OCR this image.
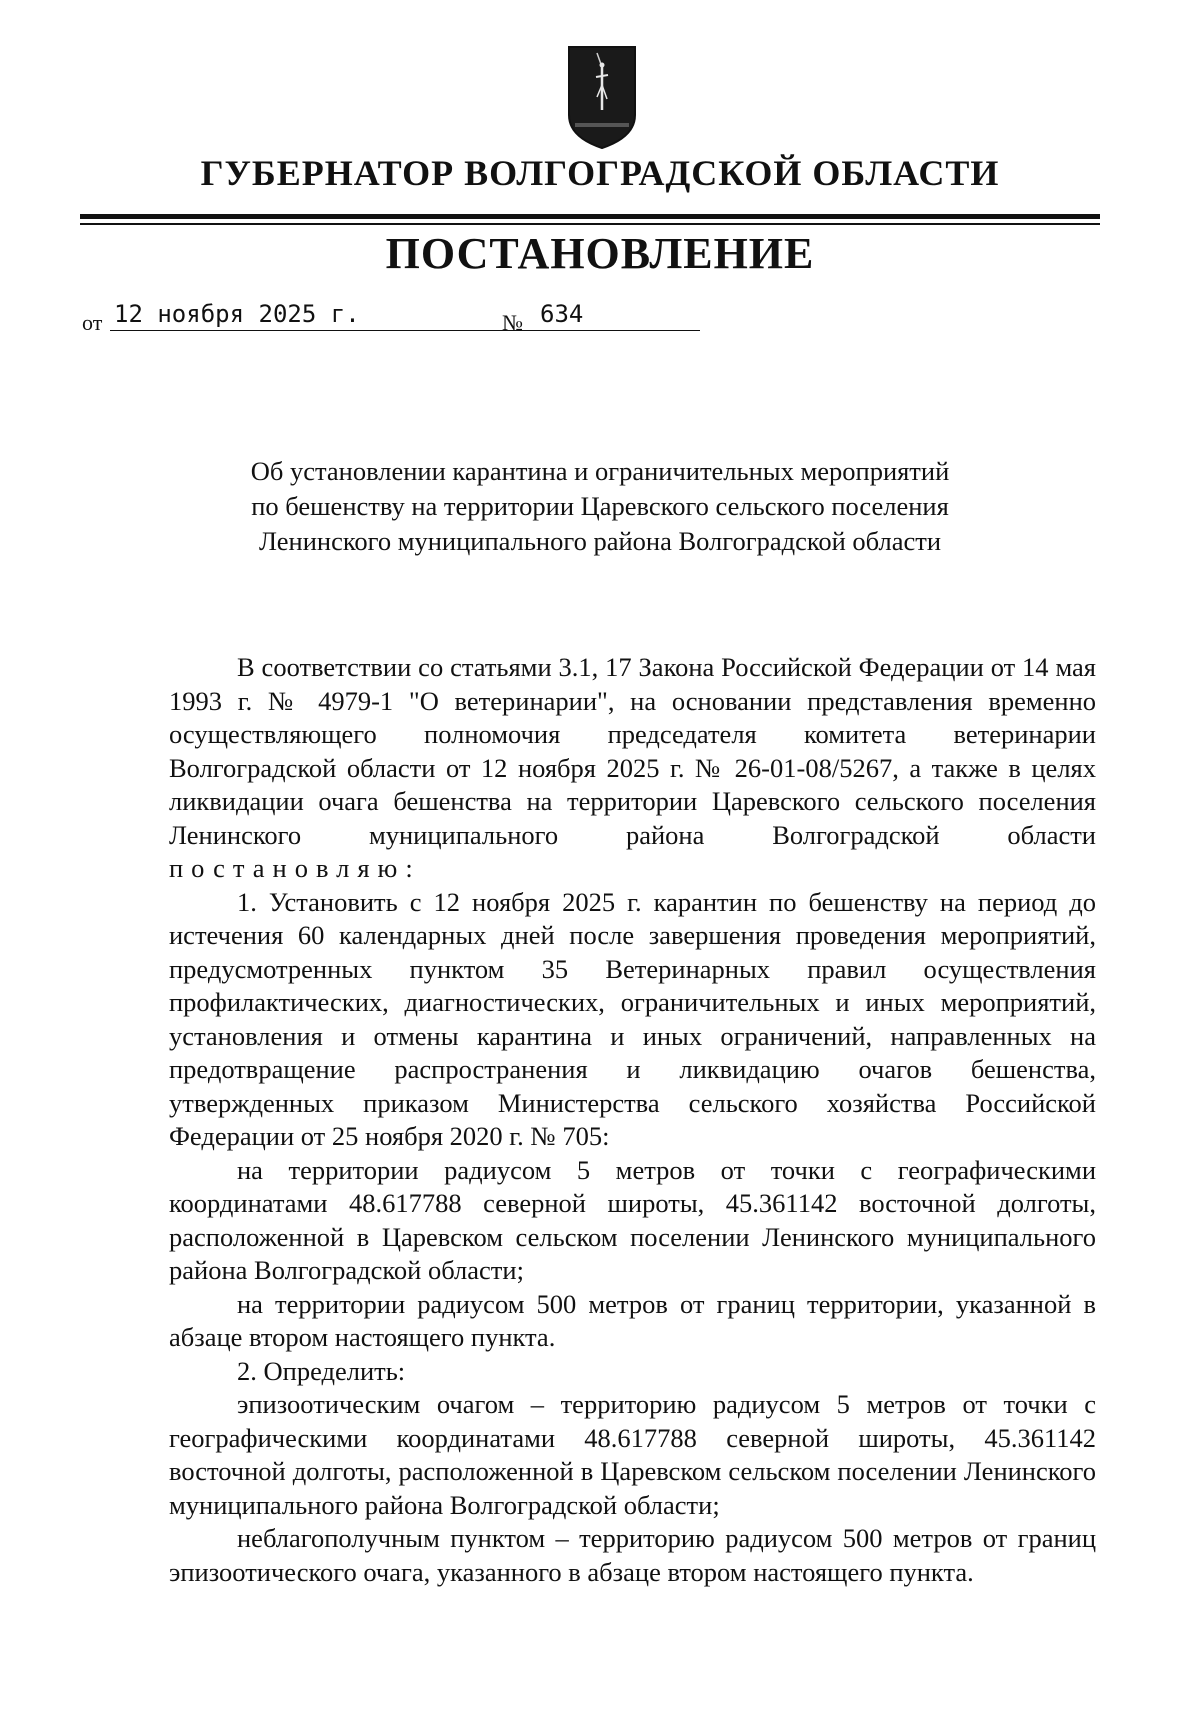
ГУБЕРНАТОР ВОЛГОГРАДСКОЙ ОБЛАСТИ
ПОСТАНОВЛЕНИЕ
от 12 ноября 2025 г.	№ 634
Об установлении карантина и ограничительных мероприятий
по бешенству на территории Царевского сельского поселения
Ленинского муниципального района Волгоградской области

В соответствии со статьями 3.1, 17 Закона Российской Федерации от 14 мая 1993 г. № 4979-1 "О ветеринарии", на основании представления временно осуществляющего полномочия председателя комитета ветеринарии Волгоградской области от 12 ноября 2025 г. № 26-01-08/5267, а также в целях ликвидации очага бешенства на территории Царевского сельского поселения Ленинского муниципального района Волгоградской области постановляю:

1. Установить с 12 ноября 2025 г. карантин по бешенству на период до истечения 60 календарных дней после завершения проведения мероприятий, предусмотренных пунктом 35 Ветеринарных правил осуществления профилактических, диагностических, ограничительных и иных мероприятий, установления и отмены карантина и иных ограничений, направленных на предотвращение распространения и ликвидацию очагов бешенства, утвержденных приказом Министерства сельского хозяйства Российской Федерации от 25 ноября 2020 г. № 705:

на территории радиусом 5 метров от точки с географическими координатами 48.617788 северной широты, 45.361142 восточной долготы, расположенной в Царевском сельском поселении Ленинского муниципального района Волгоградской области;

на территории радиусом 500 метров от границ территории, указанной в абзаце втором настоящего пункта.

2. Определить:

эпизоотическим очагом – территорию радиусом 5 метров от точки с географическими координатами 48.617788 северной широты, 45.361142 восточной долготы, расположенной в Царевском сельском поселении Ленинского муниципального района Волгоградской области;

неблагополучным пунктом – территорию радиусом 500 метров от границ эпизоотического очага, указанного в абзаце втором настоящего пункта.
